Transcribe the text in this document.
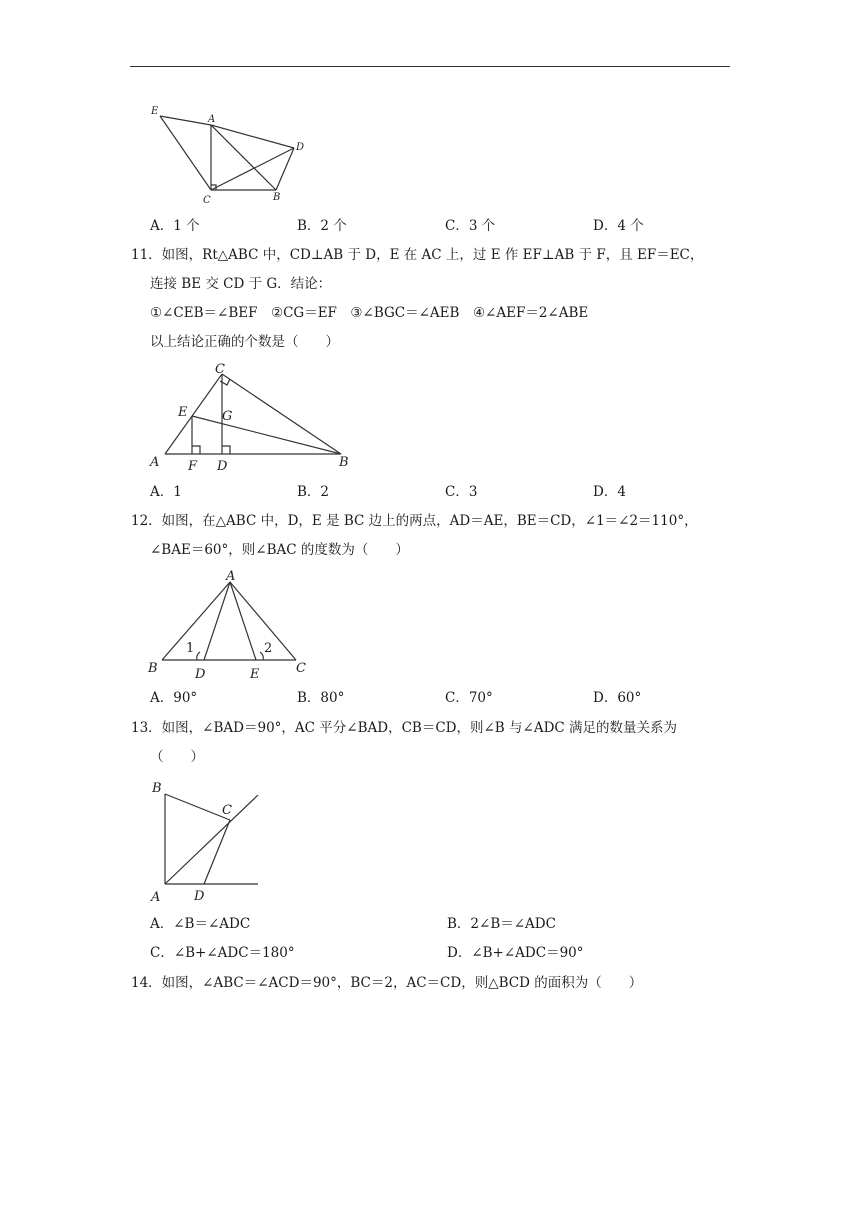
E
A
D
C	B
A．1 个	B．2 个	C．3 个	D．4 个
11．如图，Rt△ABC 中，CD⊥AB 于 D，E 在 AC 上，过 E 作 EF⊥AB 于 F，且 EF＝EC，
连接 BE 交 CD 于 G．结论：
①∠CEB＝∠BEF　②CG＝EF　③∠BGC＝∠AEB　④∠AEF＝2∠ABE
以上结论正确的个数是（　　）
C
E	G
A F D	B
A．1	B．2	C．3	D．4
12．如图，在△ABC 中，D，E 是 BC 边上的两点，AD＝AE，BE＝CD，∠1＝∠2＝110°，
∠BAE＝60°，则∠BAC 的度数为（　　）
A
B	D	E	C
1	2
A．90°	B．80°	C．70°	D．60°
13．如图，∠BAD＝90°，AC 平分∠BAD，CB＝CD，则∠B 与∠ADC 满足的数量关系为
（　　）
B
C
A	D
A．∠B＝∠ADC	B．2∠B＝∠ADC
C．∠B+∠ADC＝180°	D．∠B+∠ADC＝90°
14．如图，∠ABC＝∠ACD＝90°，BC＝2，AC＝CD，则△BCD 的面积为（　　）
